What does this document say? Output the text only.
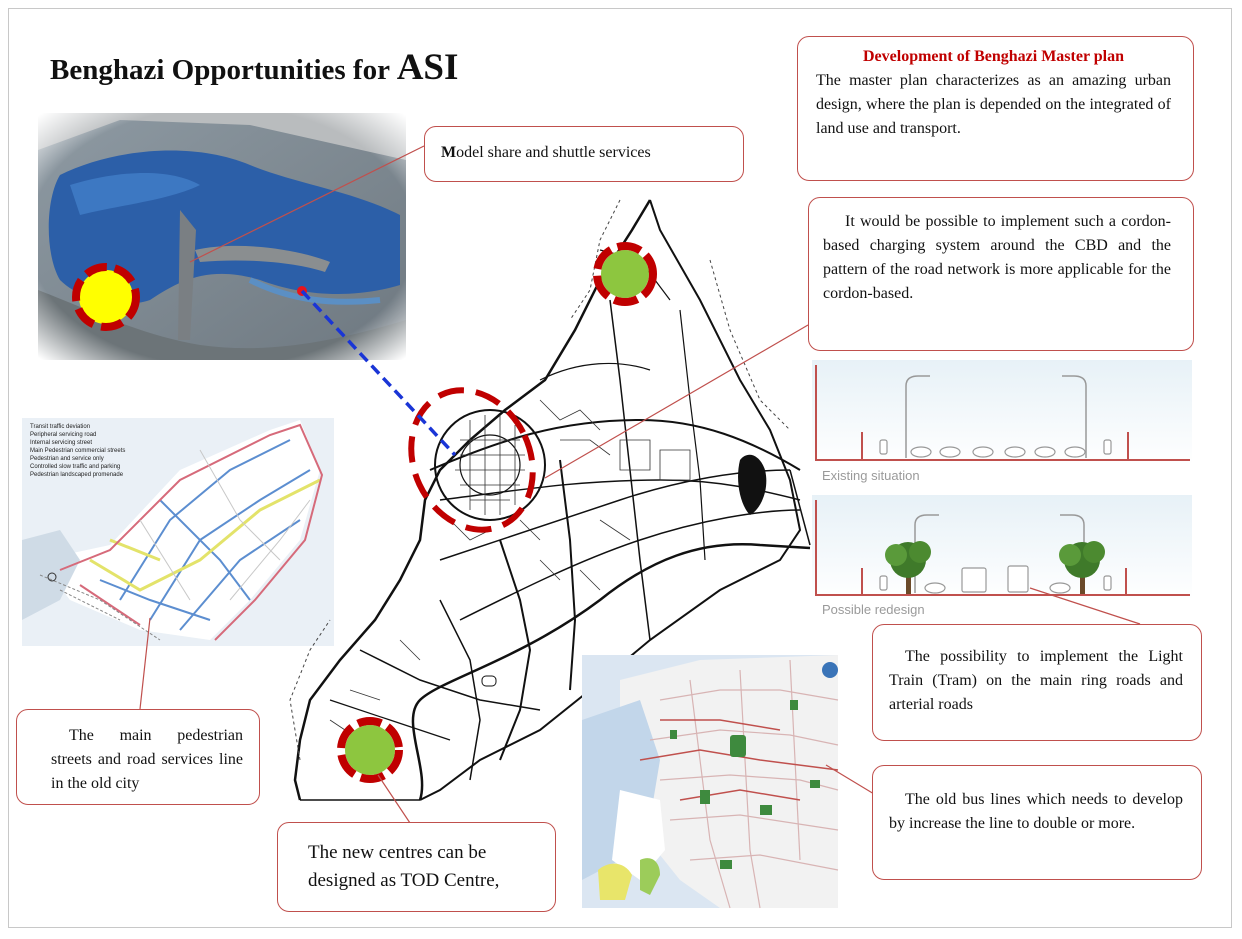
Benghazi Opportunities for ASI
Transit traffic deviation
Peripheral servicing road
Internal servicing street
Main Pedestrian commercial streets
Pedestrian and service only
Controlled slow traffic and parking
Pedestrian landscaped promenade	Existing situation
Possible redesign
Development of Benghazi Master plan
The master plan characterizes as an amazing urban design, where the plan is depended on the integrated of land use and transport.
Model share and shuttle services
It would be possible to implement such a cordon-based charging system around the CBD and the pattern of the road network is more applicable for the cordon-based.
The main pedestrian streets and road services line in the old city
The new centres can be designed as TOD Centre,
The possibility to implement the Light Train (Tram) on the main ring roads and arterial roads
The old bus lines which needs to develop by increase the line to double or more.
